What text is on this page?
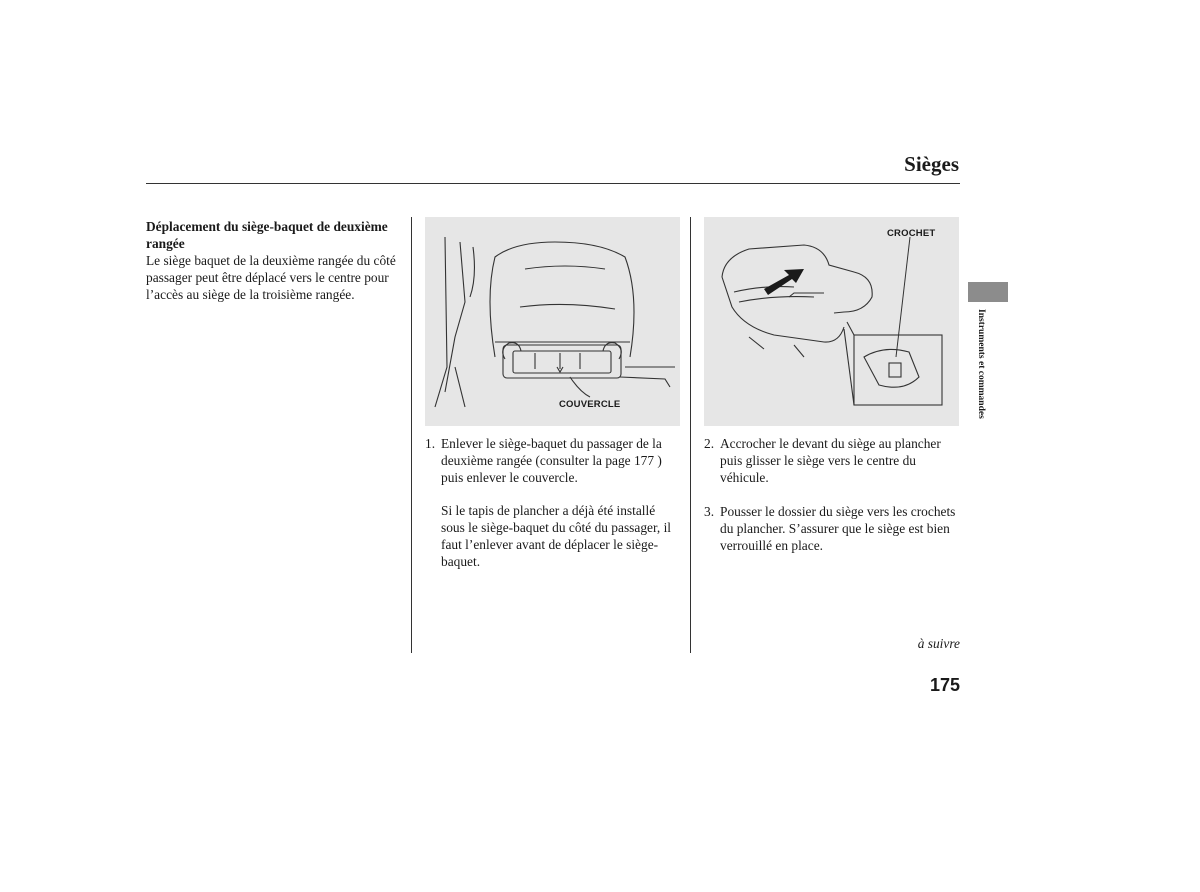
Sièges
Déplacement du siège-baquet de deuxième rangée
Le siège baquet de la deuxième rangée du côté passager peut être déplacé vers le centre pour l’accès au siège de la troisième rangée.
COUVERCLE
CROCHET
1. Enlever le siège-baquet du passager de la deuxième rangée (consulter la page 177 ) puis enlever le couvercle.

Si le tapis de plancher a déjà été installé sous le siège-baquet du côté du passager, il faut l’enlever avant de déplacer le siège-baquet.

2. Accrocher le devant du siège au plancher puis glisser le siège vers le centre du véhicule.

3. Pousser le dossier du siège vers les crochets du plancher. S’assurer que le siège est bien verrouillé en place.

Instruments et commandes
à suivre
175
